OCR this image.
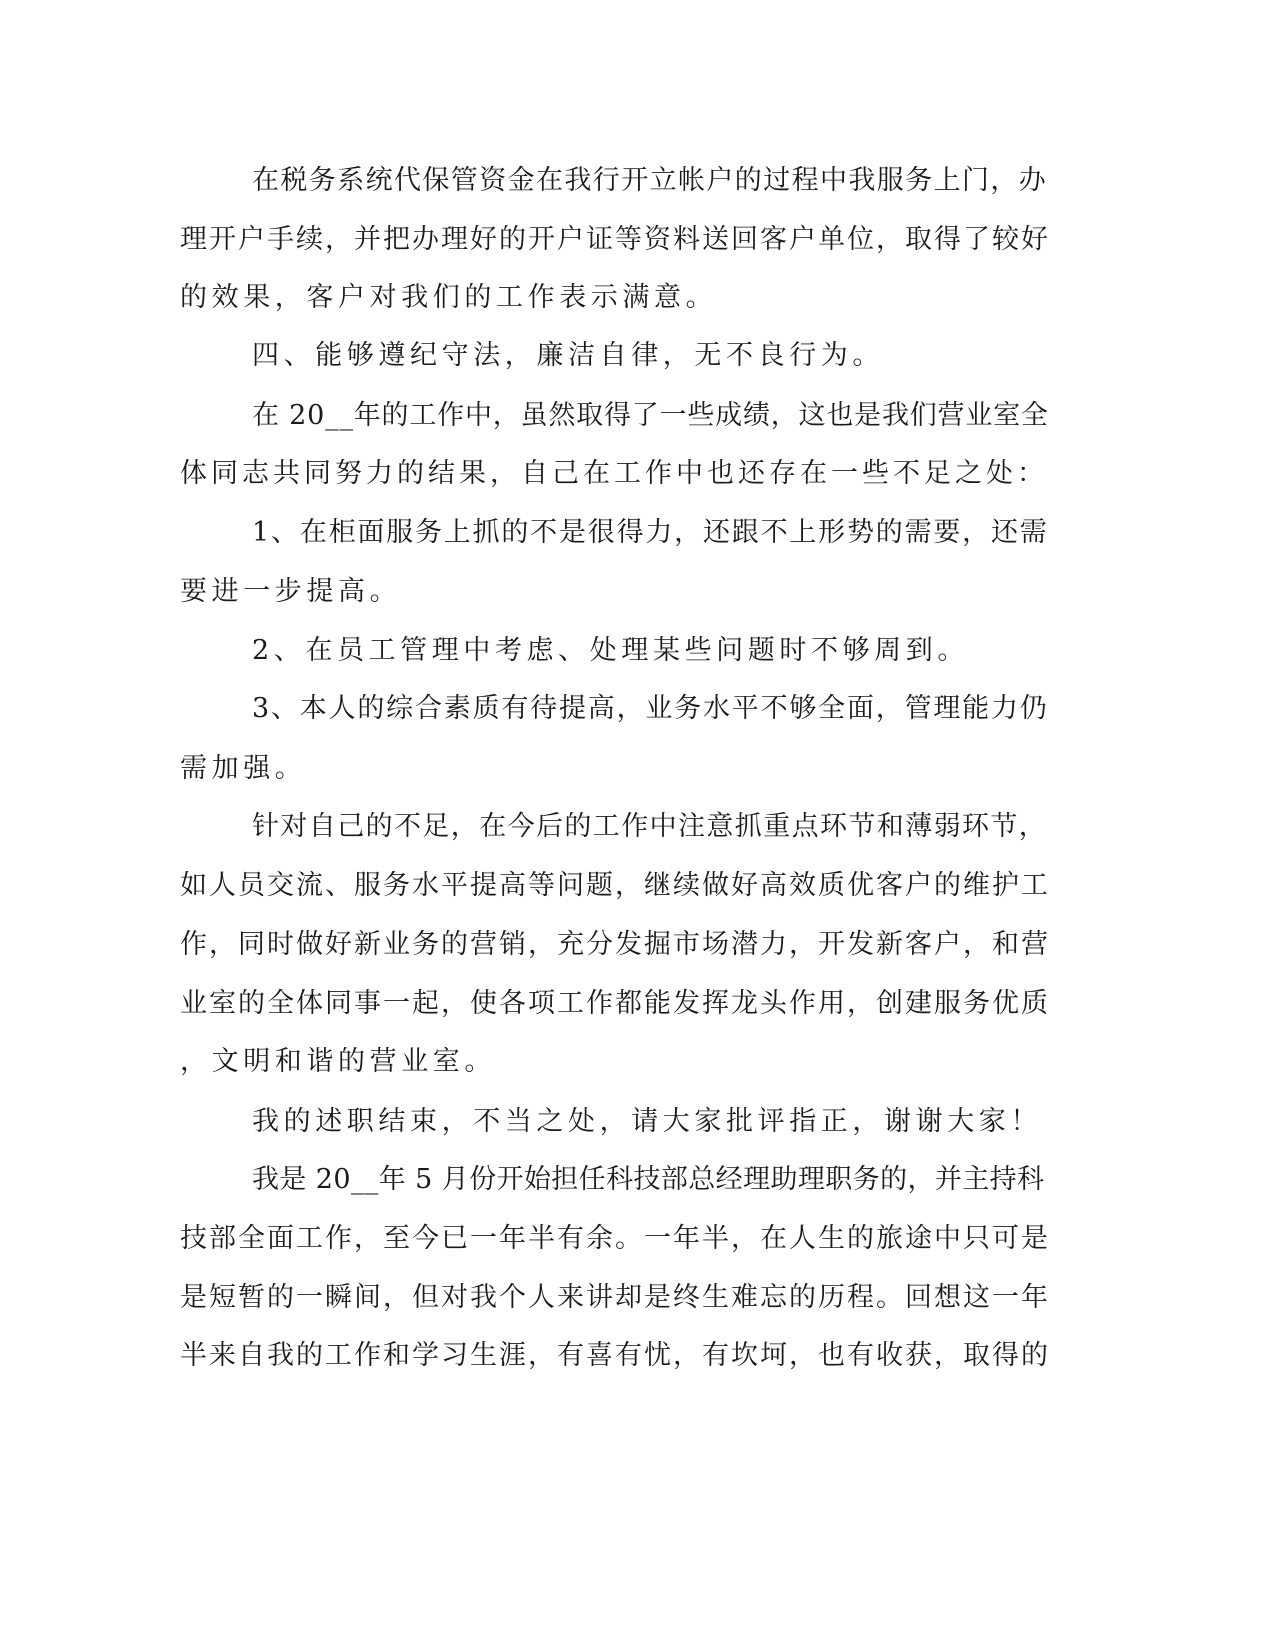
在税务系统代保管资金在我行开立帐户的过程中我服务上门，办
理开户手续，并把办理好的开户证等资料送回客户单位，取得了较好
的效果，客户对我们的工作表示满意。
四、能够遵纪守法，廉洁自律，无不良行为。
在 20__年的工作中，虽然取得了一些成绩，这也是我们营业室全
体同志共同努力的结果，自己在工作中也还存在一些不足之处：
1、在柜面服务上抓的不是很得力，还跟不上形势的需要，还需
要进一步提高。
2、在员工管理中考虑、处理某些问题时不够周到。
3、本人的综合素质有待提高，业务水平不够全面，管理能力仍
需加强。
针对自己的不足，在今后的工作中注意抓重点环节和薄弱环节，
如人员交流、服务水平提高等问题，继续做好高效质优客户的维护工
作，同时做好新业务的营销，充分发掘市场潜力，开发新客户，和营
业室的全体同事一起，使各项工作都能发挥龙头作用，创建服务优质
，文明和谐的营业室。
我的述职结束，不当之处，请大家批评指正，谢谢大家！
我是 20__年 5 月份开始担任科技部总经理助理职务的，并主持科
技部全面工作，至今已一年半有余。一年半，在人生的旅途中只可是
是短暂的一瞬间，但对我个人来讲却是终生难忘的历程。回想这一年
半来自我的工作和学习生涯，有喜有忧，有坎坷，也有收获，取得的
